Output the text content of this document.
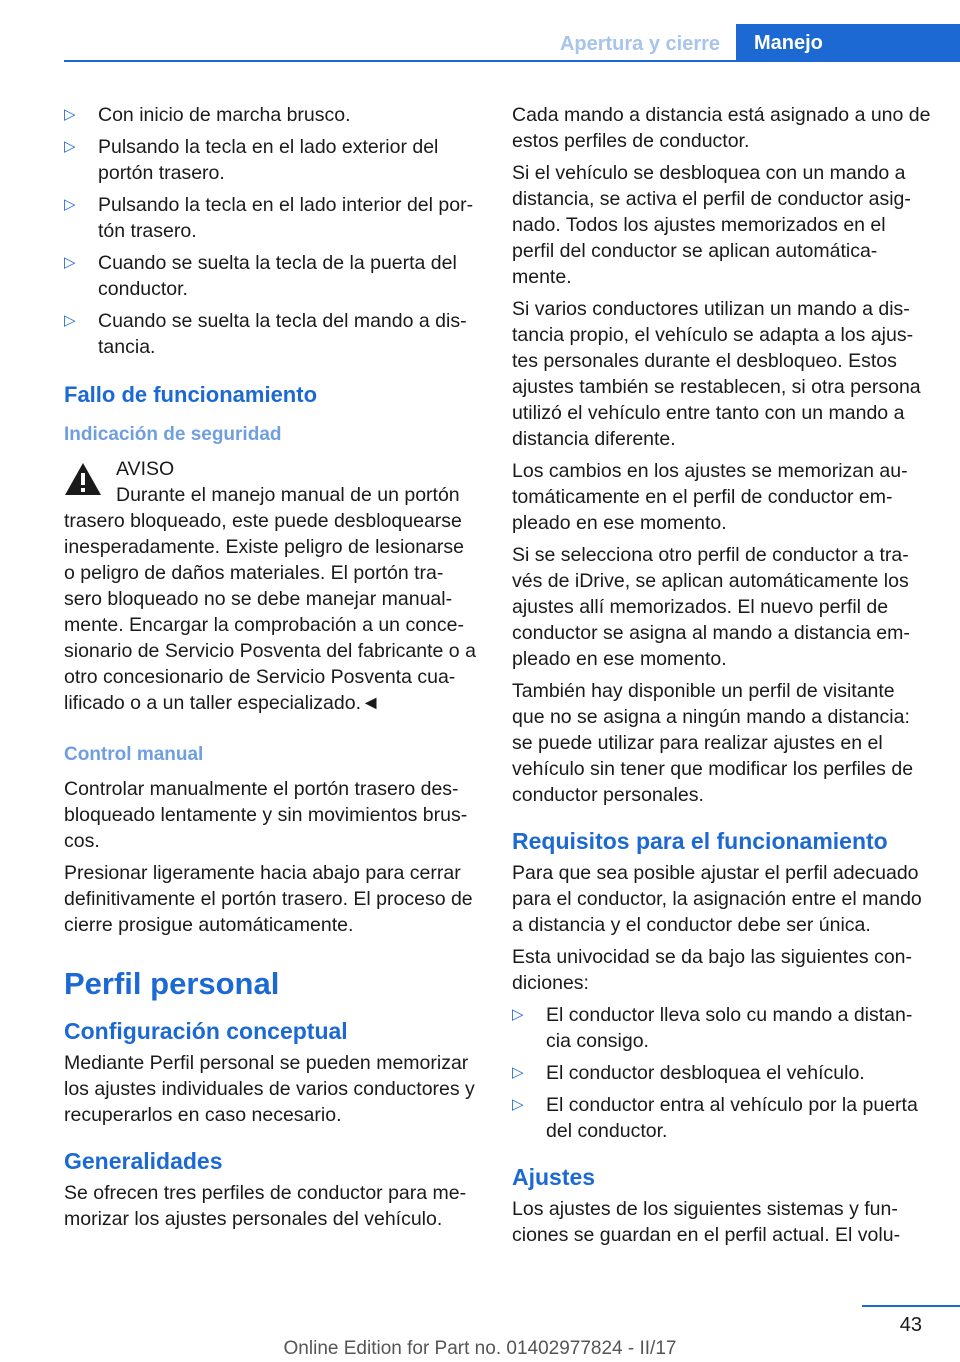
Apertura y cierre	Manejo
▷ Con inicio de marcha brusco.
▷ Pulsando la tecla en el lado exterior del portón trasero.
▷ Pulsando la tecla en el lado interior del por‐tón trasero.
▷ Cuando se suelta la tecla de la puerta del conductor.
▷ Cuando se suelta la tecla del mando a dis‐tancia.
Fallo de funcionamiento
Indicación de seguridad
AVISO
Durante el manejo manual de un portón trasero bloqueado, este puede desbloquearse inesperadamente. Existe peligro de lesionarse o peligro de daños materiales. El portón tra‐sero bloqueado no se debe manejar manual‐mente. Encargar la comprobación a un conce‐sionario de Servicio Posventa del fabricante o a otro concesionario de Servicio Posventa cua‐lificado o a un taller especializado.◄
Control manual

Controlar manualmente el portón trasero des‐bloqueado lentamente y sin movimientos brus‐cos.

Presionar ligeramente hacia abajo para cerrar definitivamente el portón trasero. El proceso de cierre prosigue automáticamente.

Perfil personal
Configuración conceptual

Mediante Perfil personal se pueden memorizar los ajustes individuales de varios conductores y recuperarlos en caso necesario.

Generalidades

Se ofrecen tres perfiles de conductor para me‐morizar los ajustes personales del vehículo.

Cada mando a distancia está asignado a uno de estos perfiles de conductor.

Si el vehículo se desbloquea con un mando a distancia, se activa el perfil de conductor asig‐nado. Todos los ajustes memorizados en el perfil del conductor se aplican automática‐mente.

Si varios conductores utilizan un mando a dis‐tancia propio, el vehículo se adapta a los ajus‐tes personales durante el desbloqueo. Estos ajustes también se restablecen, si otra persona utilizó el vehículo entre tanto con un mando a distancia diferente.

Los cambios en los ajustes se memorizan au‐tomáticamente en el perfil de conductor em‐pleado en ese momento.

Si se selecciona otro perfil de conductor a tra‐vés de iDrive, se aplican automáticamente los ajustes allí memorizados. El nuevo perfil de conductor se asigna al mando a distancia em‐pleado en ese momento.

También hay disponible un perfil de visitante que no se asigna a ningún mando a distancia: se puede utilizar para realizar ajustes en el vehículo sin tener que modificar los perfiles de conductor personales.

Requisitos para el funcionamiento

Para que sea posible ajustar el perfil adecuado para el conductor, la asignación entre el mando a distancia y el conductor debe ser única.

Esta univocidad se da bajo las siguientes con‐diciones:

▷ El conductor lleva solo cu mando a distan‐cia consigo.
▷ El conductor desbloquea el vehículo.
▷ El conductor entra al vehículo por la puerta del conductor.
Ajustes

Los ajustes de los siguientes sistemas y fun‐ciones se guardan en el perfil actual. El volu‐

43
Online Edition for Part no. 01402977824 - II/17
